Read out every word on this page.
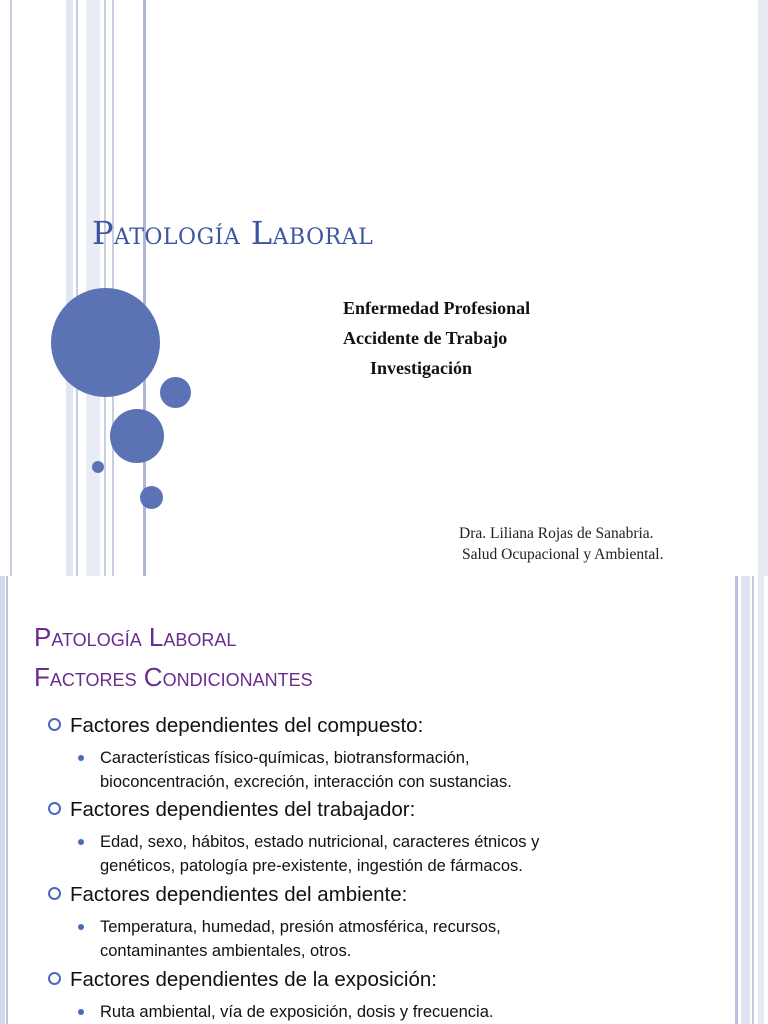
Patología Laboral
Enfermedad Profesional
Accidente de Trabajo
Investigación
Dra. Liliana Rojas de Sanabria.
Salud Ocupacional y Ambiental.
Patología Laboral
Factores Condicionantes
Factores dependientes del compuesto:
Características físico-químicas, biotransformación,
bioconcentración, excreción, interacción con sustancias.
Factores dependientes del trabajador:
Edad, sexo, hábitos, estado nutricional, caracteres étnicos y
genéticos, patología pre-existente, ingestión de fármacos.
Factores dependientes del ambiente:
Temperatura, humedad, presión atmosférica, recursos,
contaminantes ambientales, otros.
Factores dependientes de la exposición:
Ruta ambiental, vía de exposición, dosis y frecuencia.
